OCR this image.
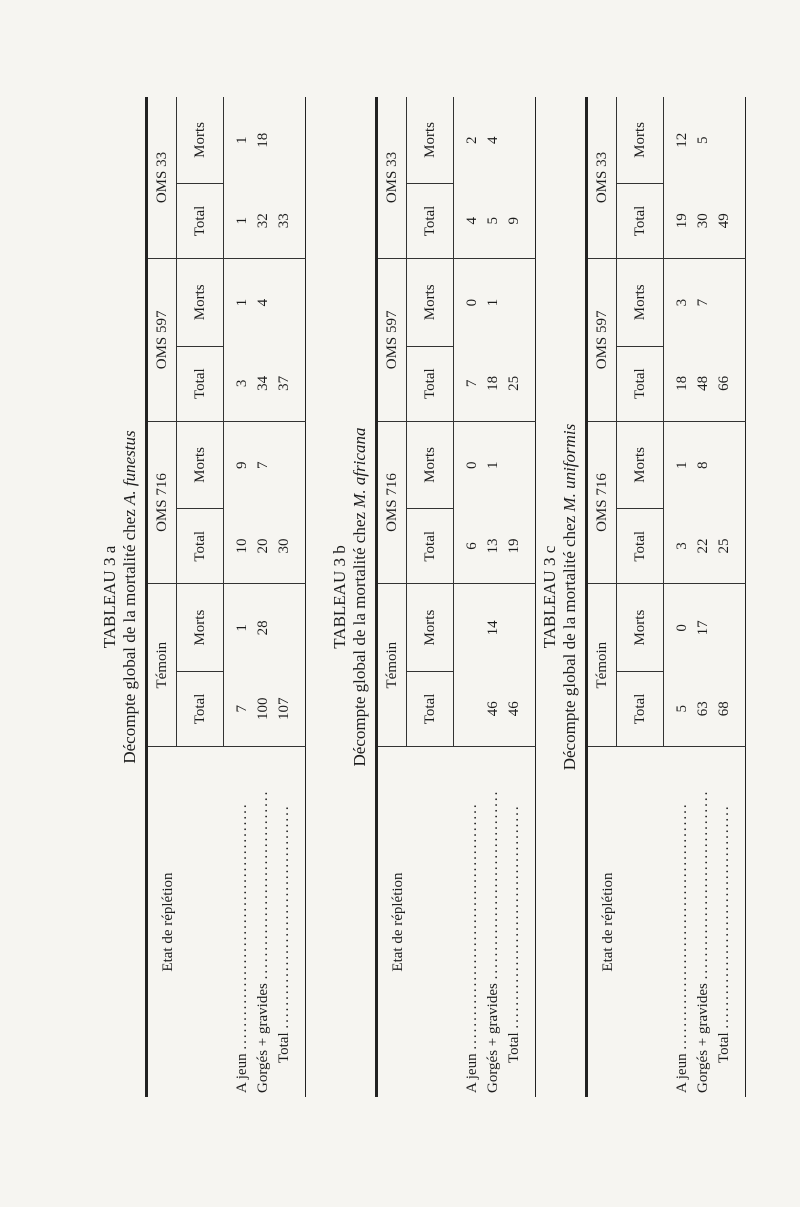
TABLEAU 3 a Décompte global de la mortalité chez A. funestus
Etat de réplétion	Témoin		OMS 716		OMS 597		OMS 33	
	Total	Morts	Total	Morts	Total	Morts	Total	Morts
A jeun ...........................................	7	1	10	9	3	1	1	1
Gorgés + gravides .................................	100	28	20	7	34	4	32	18
Total .......................................	107		30		37		33	
TABLEAU 3 b Décompte global de la mortalité chez M. africana
Etat de réplétion	Témoin		OMS 716		OMS 597		OMS 33	
	Total	Morts	Total	Morts	Total	Morts	Total	Morts
A jeun ...........................................			6	0	7	0	4	2
Gorgés + gravides .................................	46	14	13	1	18	1	5	4
Total .......................................	46		19		25		9	
TABLEAU 3 c Décompte global de la mortalité chez M. uniformis
Etat de réplétion	Témoin		OMS 716		OMS 597		OMS 33	
	Total	Morts	Total	Morts	Total	Morts	Total	Morts
A jeun ...........................................	5	0	3	1	18	3	19	12
Gorgés + gravides .................................	63	17	22	8	48	7	30	5
Total .......................................	68		25		66		49	
